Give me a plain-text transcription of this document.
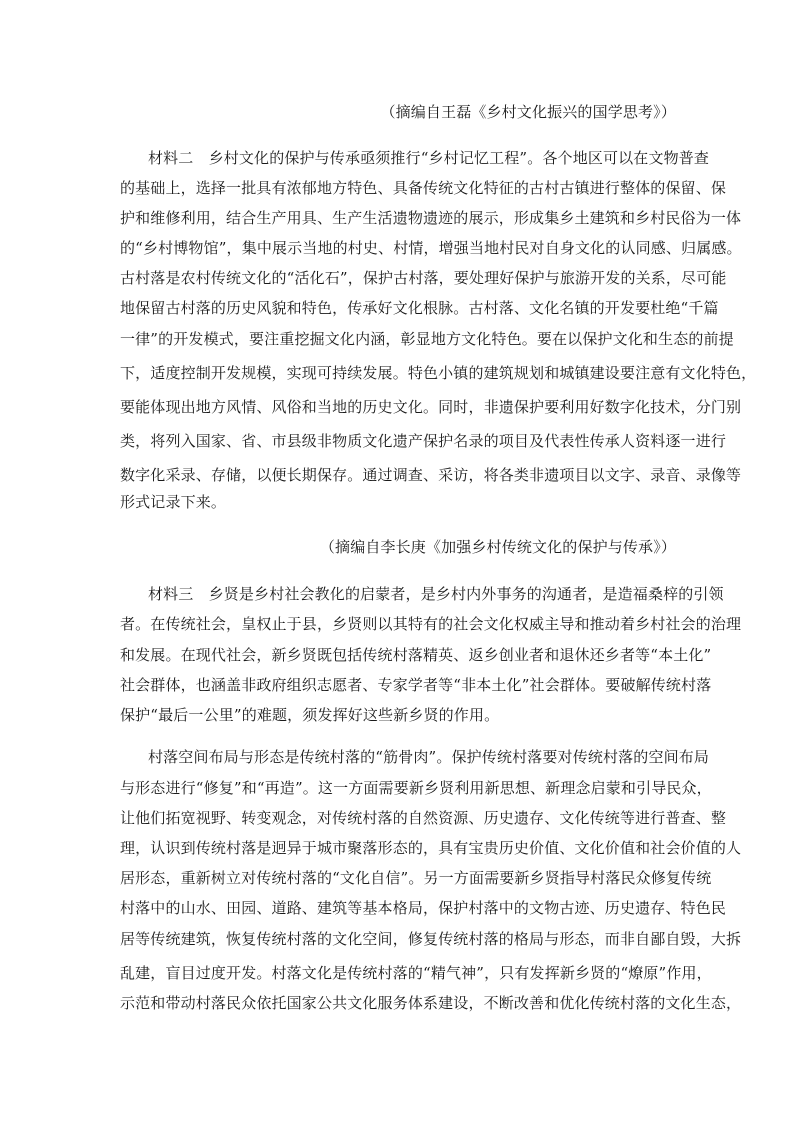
（摘编自王磊《乡村文化振兴的国学思考》）
材料二　乡村文化的保护与传承亟须推行“乡村记忆工程”。各个地区可以在文物普查
的基础上，选择一批具有浓郁地方特色、具备传统文化特征的古村古镇进行整体的保留、保
护和维修利用，结合生产用具、生产生活遗物遗迹的展示，形成集乡土建筑和乡村民俗为一体
的“乡村博物馆”，集中展示当地的村史、村情，增强当地村民对自身文化的认同感、归属感。
古村落是农村传统文化的“活化石”，保护古村落，要处理好保护与旅游开发的关系，尽可能
地保留古村落的历史风貌和特色，传承好文化根脉。古村落、文化名镇的开发要杜绝“千篇
一律”的开发模式，要注重挖掘文化内涵，彰显地方文化特色。要在以保护文化和生态的前提
下，适度控制开发规模，实现可持续发展。特色小镇的建筑规划和城镇建设要注意有文化特色，
要能体现出地方风情、风俗和当地的历史文化。同时，非遗保护要利用好数字化技术，分门别
类，将列入国家、省、市县级非物质文化遗产保护名录的项目及代表性传承人资料逐一进行
数字化采录、存储，以便长期保存。通过调查、采访，将各类非遗项目以文字、录音、录像等
形式记录下来。
（摘编自李长庚《加强乡村传统文化的保护与传承》）
材料三　乡贤是乡村社会教化的启蒙者，是乡村内外事务的沟通者，是造福桑梓的引领
者。在传统社会，皇权止于县，乡贤则以其特有的社会文化权威主导和推动着乡村社会的治理
和发展。在现代社会，新乡贤既包括传统村落精英、返乡创业者和退休还乡者等“本土化”
社会群体，也涵盖非政府组织志愿者、专家学者等“非本土化”社会群体。要破解传统村落
保护“最后一公里”的难题，须发挥好这些新乡贤的作用。
村落空间布局与形态是传统村落的“筋骨肉”。保护传统村落要对传统村落的空间布局
与形态进行“修复”和“再造”。这一方面需要新乡贤利用新思想、新理念启蒙和引导民众，
让他们拓宽视野、转变观念，对传统村落的自然资源、历史遗存、文化传统等进行普查、整
理，认识到传统村落是迥异于城市聚落形态的，具有宝贵历史价值、文化价值和社会价值的人
居形态，重新树立对传统村落的“文化自信”。另一方面需要新乡贤指导村落民众修复传统
村落中的山水、田园、道路、建筑等基本格局，保护村落中的文物古迹、历史遗存、特色民
居等传统建筑，恢复传统村落的文化空间，修复传统村落的格局与形态，而非自鄙自毁，大拆
乱建，盲目过度开发。村落文化是传统村落的“精气神”，只有发挥新乡贤的“燎原”作用，
示范和带动村落民众依托国家公共文化服务体系建设，不断改善和优化传统村落的文化生态，
